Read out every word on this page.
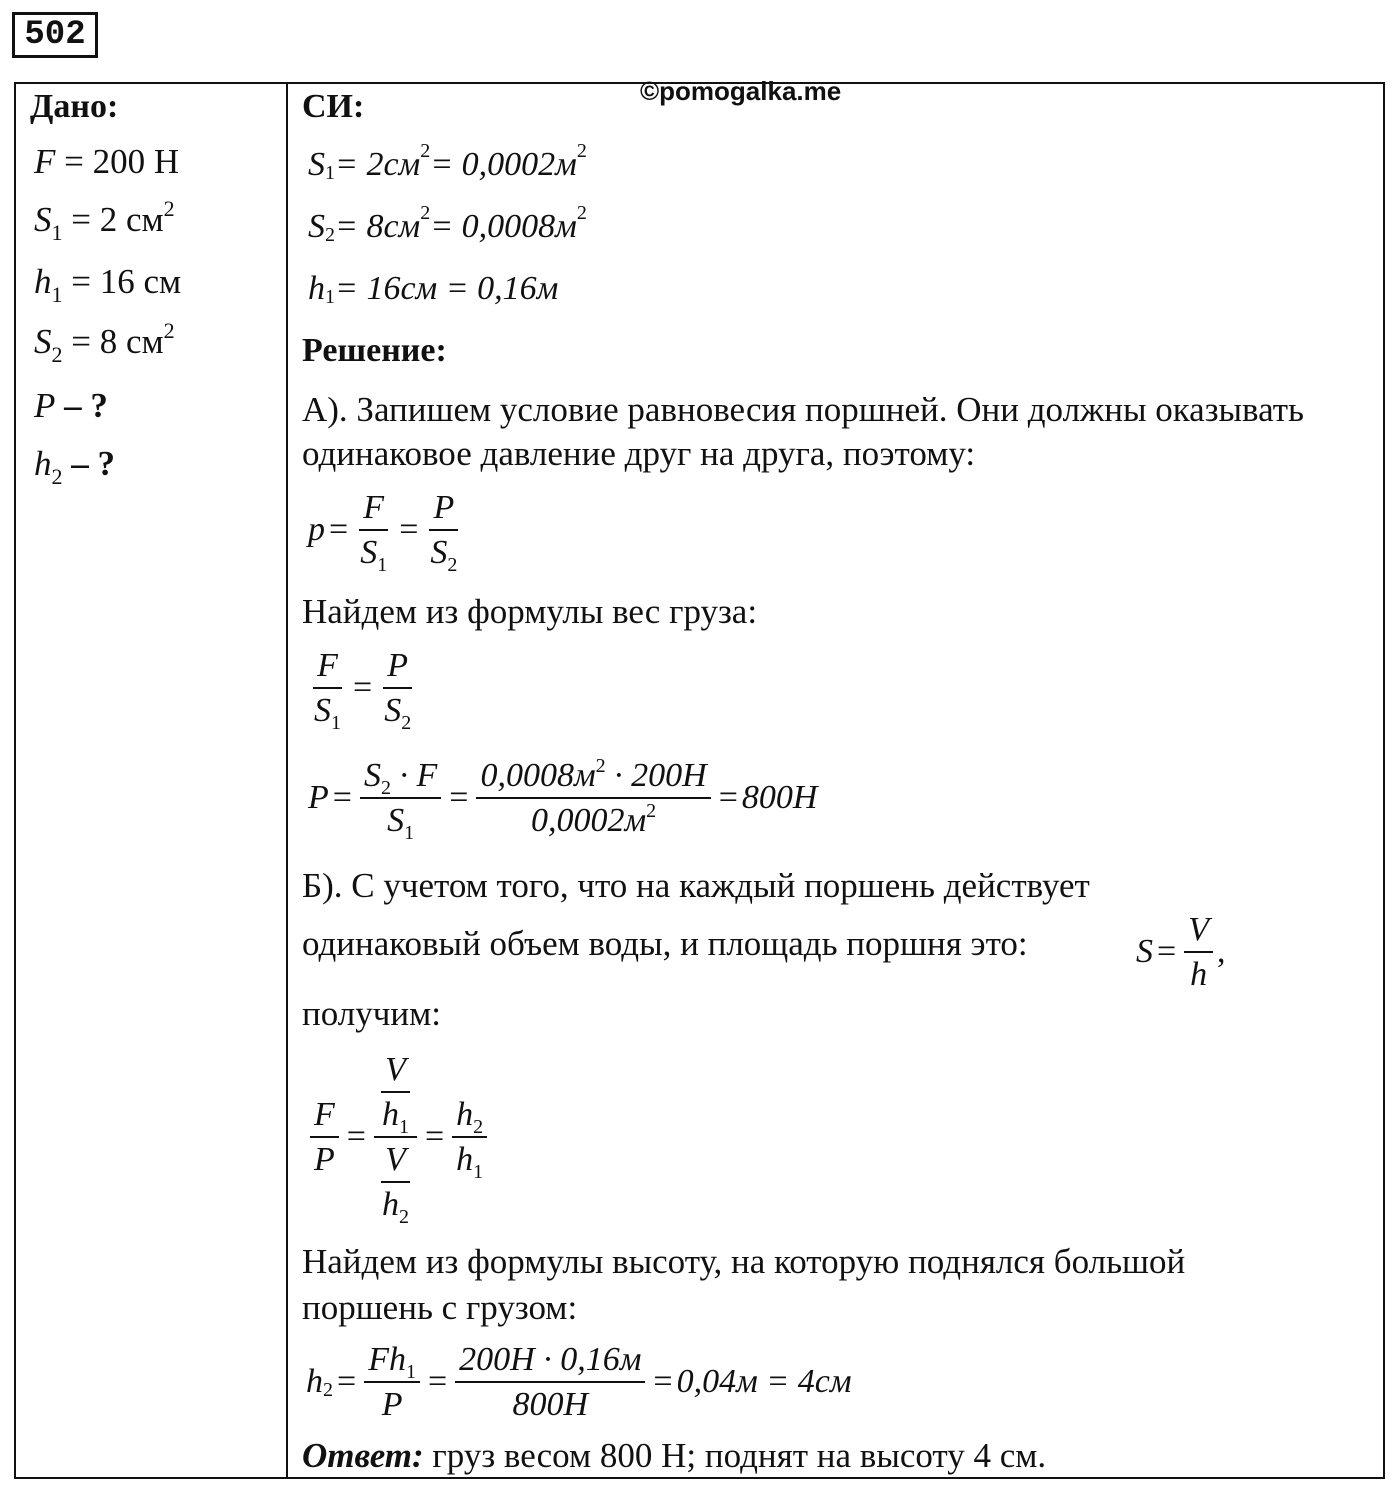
502
©pomogalka.me
Дано:
F = 200 Н
$S_1 = 2$ $см^2$
$h_1 = 16$ см
$S_2 = 8$ $см^2$
P – ?
$h_2$ – ?
СИ:
S 1 = 2см 2 = 0,0002м 2
S 2 = 8см 2 = 0,0008м 2
h 1 = 16см = 0,16м
Решение:
А). Запишем условие равновесия поршней. Они должны оказывать одинаковое давление друг на друга, поэтому:
$p = \frac{F}{S_1} = \frac{P}{S_2}$
Найдем из формулы вес груза:
$\frac{F}{S_1} = \frac{P}{S_2}$
$P = \frac{S_2 \cdot F}{S_1} = \frac{0,0008м^2 \cdot 200H}{0,0002м^2} = 800H$
Б). С учетом того, что на каждый поршень действует
одинаковый объем воды, и площадь поршня это:	$S = \frac{V}{h}$ ,
получим:
$\frac{F}{P} = \frac{\frac{V}{h_1}}{\frac{V}{h_2}} = \frac{h_2}{h_1}$
Найдем из формулы высоту, на которую поднялся большой
поршень с грузом:
h $2 = \frac{Fh_1}{P} = \frac{200H \cdot 0,16м}{800H} = 0,04м = 4см$
Ответ: груз весом 800 Н; поднят на высоту 4 см.
